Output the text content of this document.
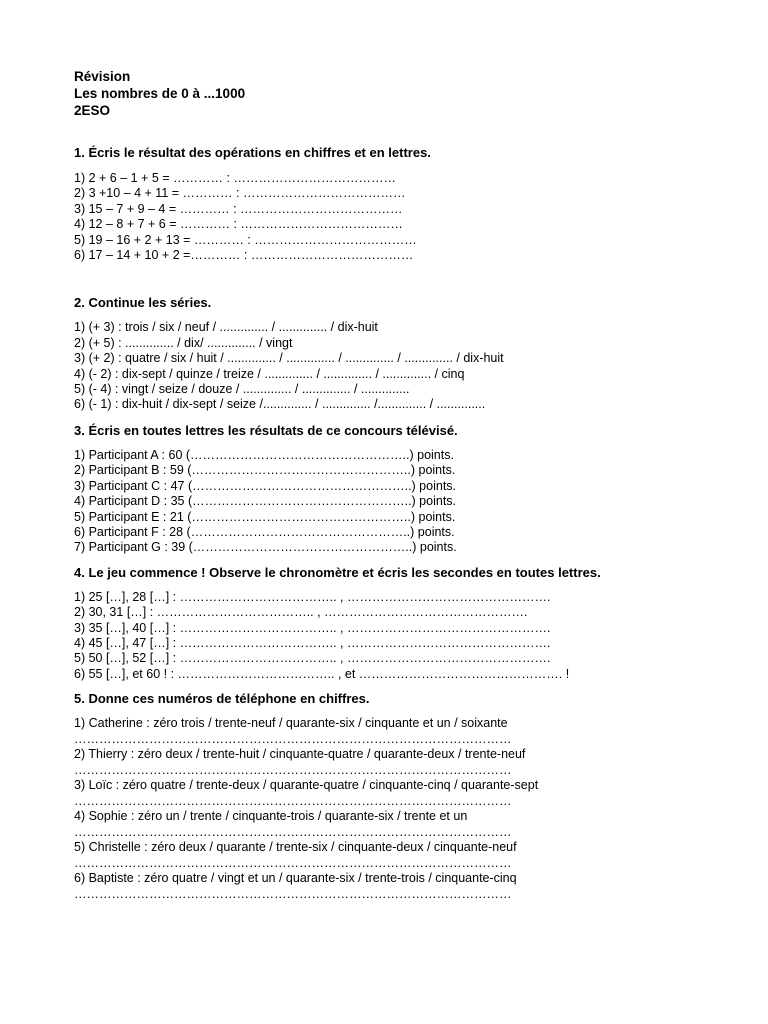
Révision
Les nombres de 0 à ...1000
2ESO
1. Écris le résultat des opérations en chiffres et en lettres.
1) 2 + 6 – 1 + 5 = ………… : …………………………………
2) 3 +10 – 4 + 11 = ………… : …………………………………
3) 15 – 7 + 9 – 4 = ………… : …………………………………
4) 12 – 8 + 7 + 6 = ………… : …………………………………
5) 19 – 16 + 2 + 13 = ………… : …………………………………
6) 17 – 14 + 10 + 2 =………… : …………………………………
2. Continue les séries.
1) (+ 3) : trois / six / neuf / .............. / .............. / dix-huit
2) (+ 5) : .............. / dix/ .............. / vingt
3) (+ 2) : quatre / six / huit / .............. / .............. / .............. / .............. / dix-huit
4) (- 2) : dix-sept / quinze / treize / .............. / .............. / .............. / cinq
5) (- 4) : vingt / seize / douze / .............. / .............. / ..............
6) (- 1) : dix-huit / dix-sept / seize /.............. / .............. /.............. / ..............
3. Écris en toutes lettres les résultats de ce concours télévisé.
1) Participant A : 60 (……………………………………………..) points.
2) Participant B : 59 (……………………………………………..) points.
3) Participant C : 47 (……………………………………………..) points.
4) Participant D : 35 (……………………………………………..) points.
5) Participant E : 21 (……………………………………………..) points.
6) Participant F : 28 (……………………………………………..) points.
7) Participant G : 39 (……………………………………………..) points.
4. Le jeu commence ! Observe le chronomètre et écris les secondes en toutes lettres.
1) 25 […], 28 […] : ……………………………….. , ………………………………………….
2) 30, 31 […] : ……………………………….. , ………………………………………….
3) 35 […], 40 […] : ……………………………….. , ………………………………………….
4) 45 […], 47 […] : ……………………………….. , ………………………………………….
5) 50 […], 52 […] : ……………………………….. , ………………………………………….
6) 55 […], et 60 ! : ……………………………….. , et …………………………………………. !
5. Donne ces numéros de téléphone en chiffres.
1) Catherine : zéro trois / trente-neuf / quarante-six / cinquante et un / soixante
……………………………………………………………………………………………
2) Thierry : zéro deux / trente-huit / cinquante-quatre / quarante-deux / trente-neuf
……………………………………………………………………………………………
3) Loïc : zéro quatre / trente-deux / quarante-quatre / cinquante-cinq / quarante-sept
……………………………………………………………………………………………
4) Sophie : zéro un / trente / cinquante-trois / quarante-six / trente et un
……………………………………………………………………………………………
5) Christelle : zéro deux / quarante / trente-six / cinquante-deux / cinquante-neuf
……………………………………………………………………………………………
6) Baptiste : zéro quatre / vingt et un / quarante-six / trente-trois / cinquante-cinq
……………………………………………………………………………………………
